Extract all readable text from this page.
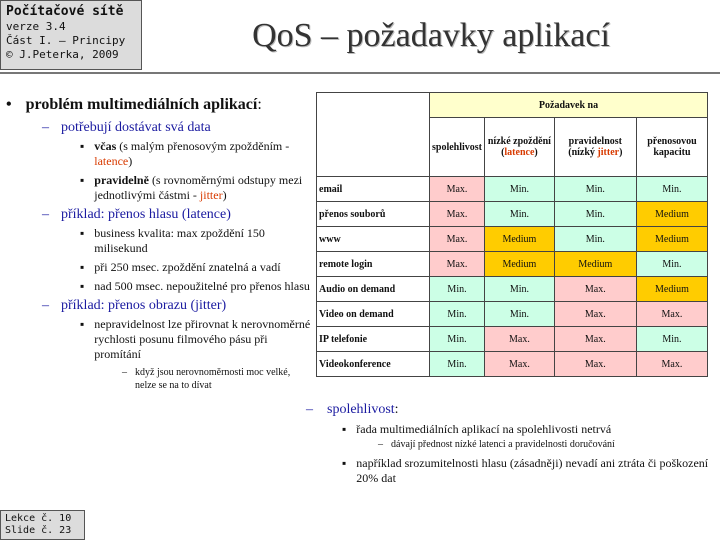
Počítačové sítě
verze 3.4
Část I. – Principy
© J.Peterka, 2009
QoS – požadavky aplikací
• problém multimediálních aplikací:
– potřebují dostávat svá data
▪ včas (s malým přenosovým zpožděním - latence)
▪ pravidelně (s rovnoměrnými odstupy mezi jednotlivými částmi - jitter)
– příklad: přenos hlasu (latence)
▪ business kvalita: max zpoždění 150 milisekund
▪ při 250 msec. zpoždění znatelná a vadí
▪ nad 500 msec. nepoužitelné pro přenos hlasu
– příklad: přenos obrazu (jitter)
▪ nepravidelnost lze přirovnat k nerovnoměrné rychlosti posunu filmového pásu při promítání
– když jsou nerovnoměrnosti moc velké, nelze se na to dívat
	Požadavek na			
	spolehlivost	nízké zpoždění (latence)	pravidelnost (nízký jitter)	přenosovou kapacitu
email	Max.	Min.	Min.	Min.
přenos souborů	Max.	Min.	Min.	Medium
www	Max.	Medium	Min.	Medium
remote login	Max.	Medium	Medium	Min.
Audio on demand	Min.	Min.	Max.	Medium
Video on demand	Min.	Min.	Max.	Max.
IP telefonie	Min.	Max.	Max.	Min.
Videokonference	Min.	Max.	Max.	Max.
– spolehlivost:
▪ řada multimediálních aplikací na spolehlivosti netrvá
– dávají přednost nízké latenci a pravidelnosti doručování
▪ například srozumitelnosti hlasu (zásadněji) nevadí ani ztráta či poškození 20% dat
Lekce č. 10
Slide č. 23
